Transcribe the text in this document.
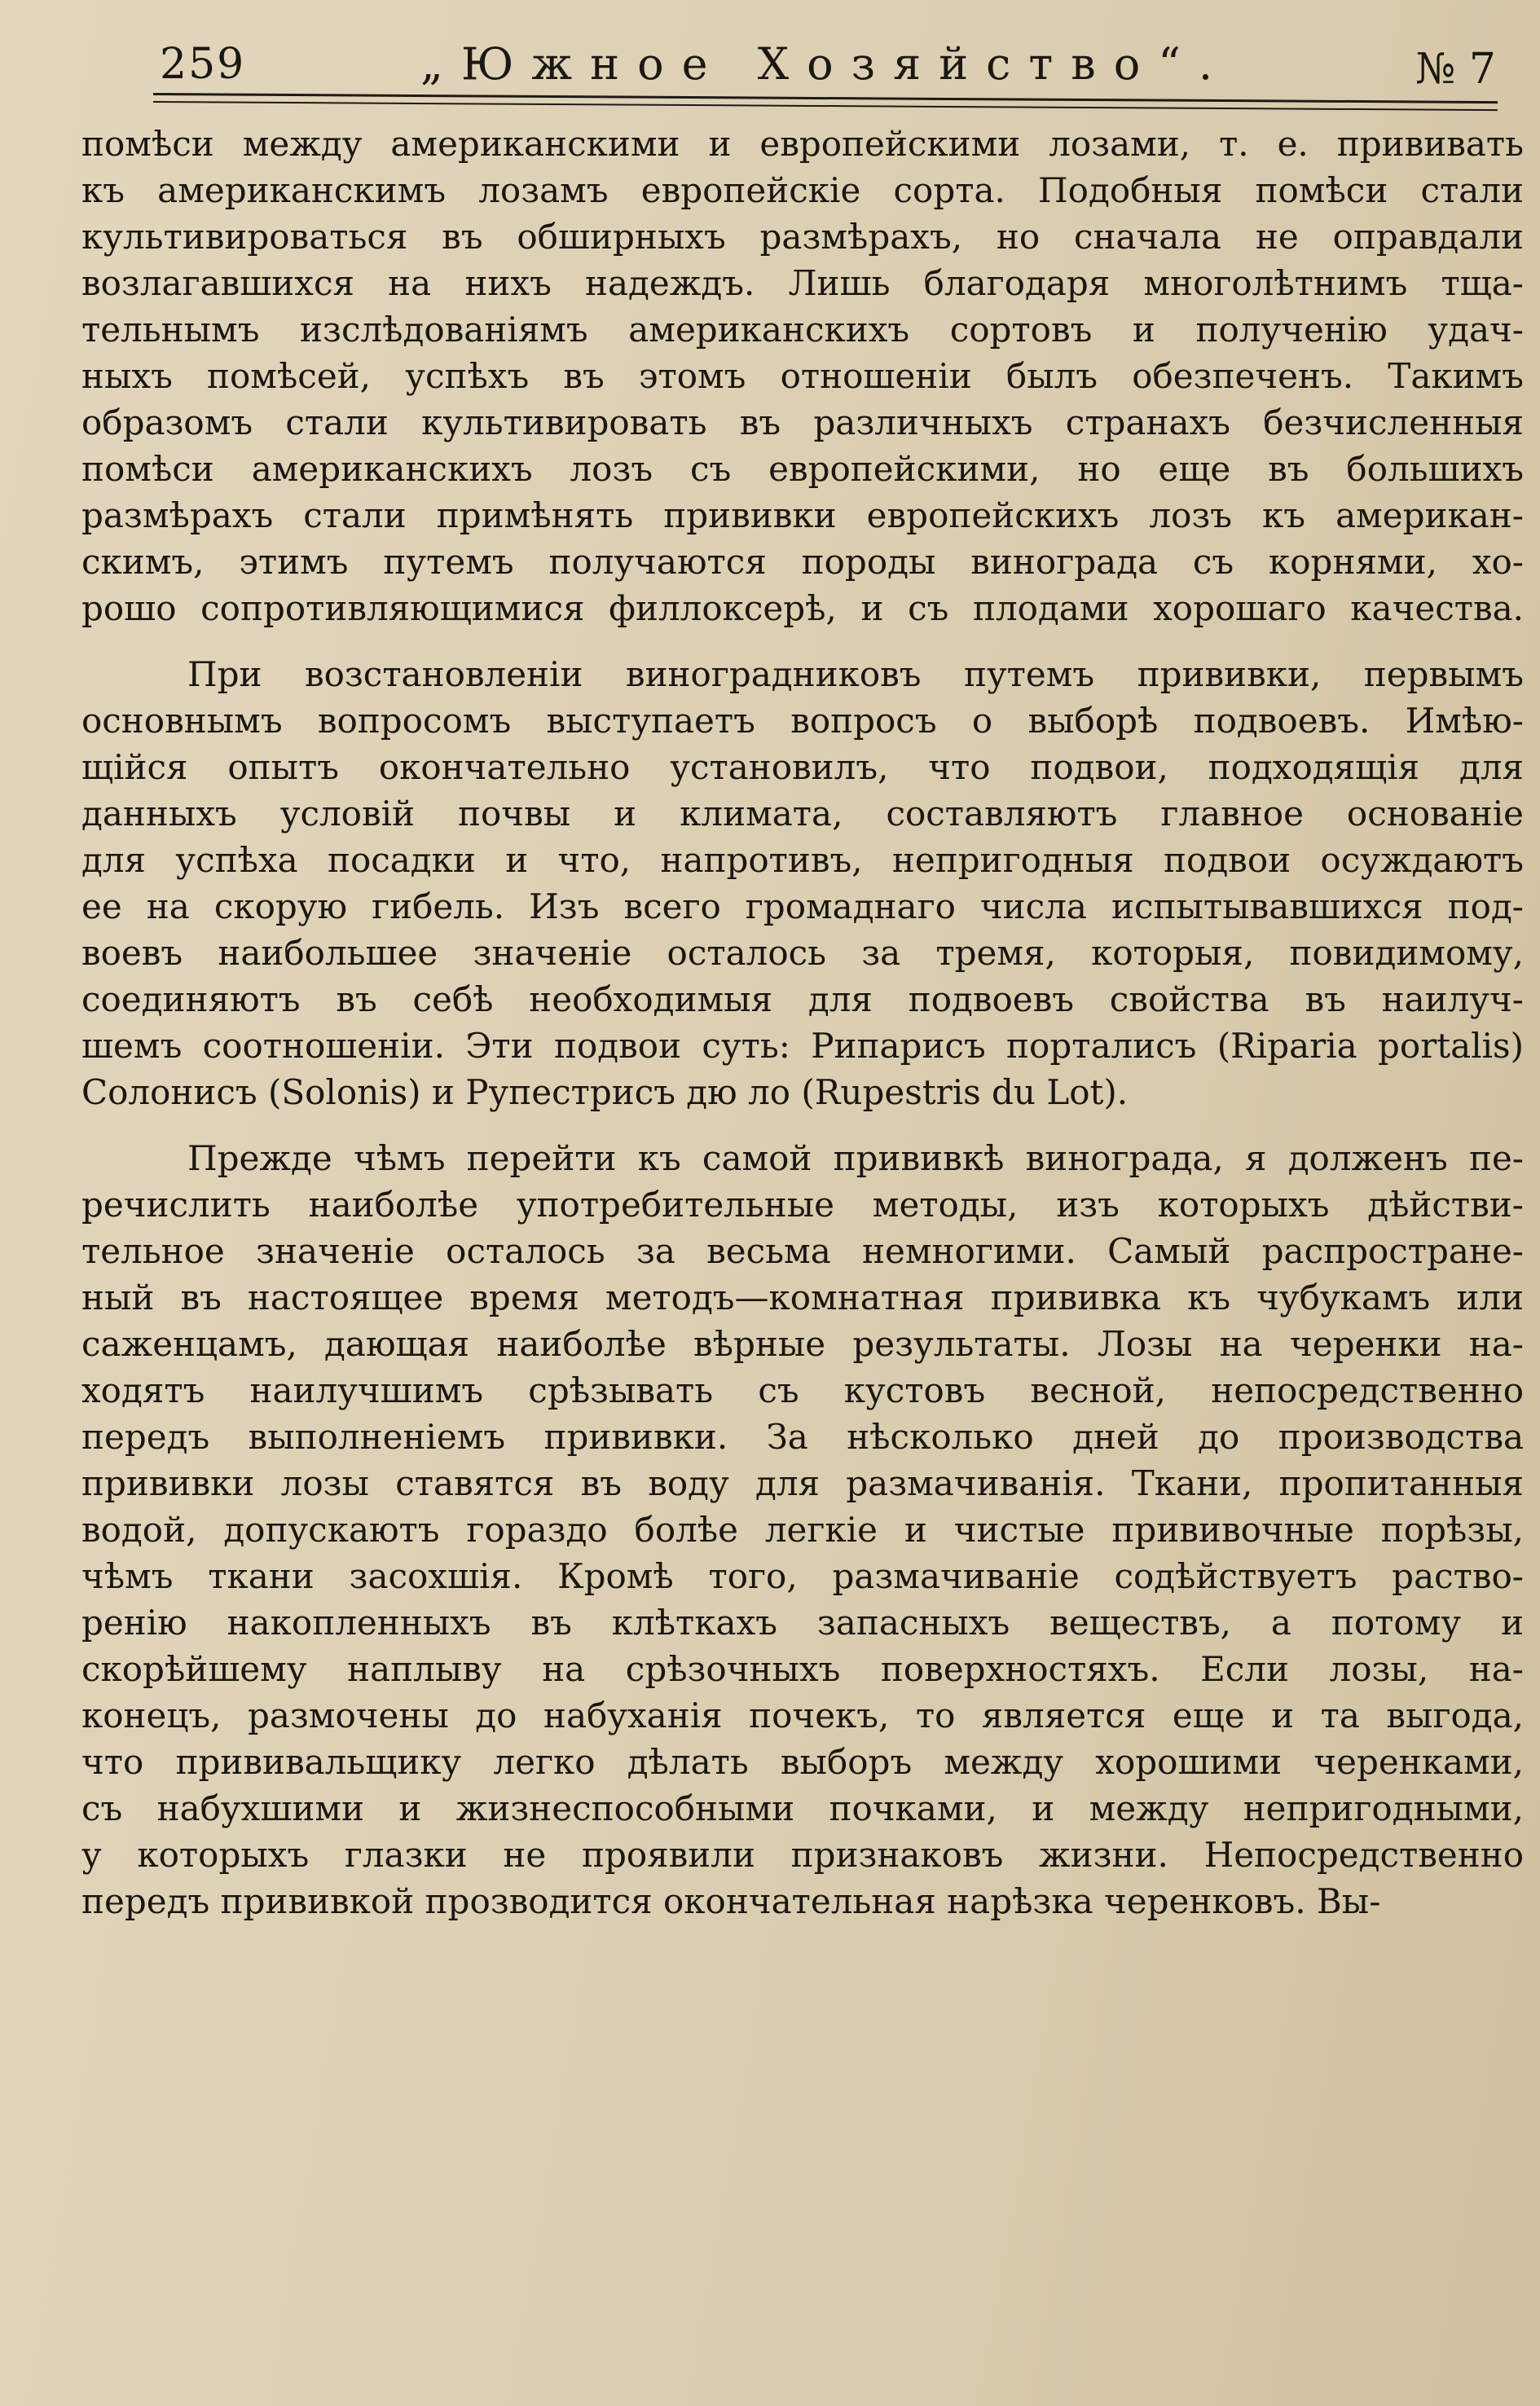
259	„Южное Хозяйство“.	№ 7
помѣси между американскими и европейскими лозами, т. е. прививать
къ американскимъ лозамъ европейскіе сорта. Подобныя помѣси стали
культивироваться въ обширныхъ размѣрахъ, но сначала не оправдали
возлагавшихся на нихъ надеждъ. Лишь благодаря многолѣтнимъ тща-
тельнымъ изслѣдованіямъ американскихъ сортовъ и полученію удач-
ныхъ помѣсей, успѣхъ въ этомъ отношеніи былъ обезпеченъ. Такимъ
образомъ стали культивировать въ различныхъ странахъ безчисленныя
помѣси американскихъ лозъ съ европейскими, но еще въ большихъ
размѣрахъ стали примѣнять прививки европейскихъ лозъ къ американ-
скимъ, этимъ путемъ получаются породы винограда съ корнями, хо-
рошо сопротивляющимися филлоксерѣ, и съ плодами хорошаго качества.
При возстановленіи виноградниковъ путемъ прививки, первымъ
основнымъ вопросомъ выступаетъ вопросъ о выборѣ подвоевъ. Имѣю-
щійся опытъ окончательно установилъ, что подвои, подходящія для
данныхъ условій почвы и климата, составляютъ главное основаніе
для успѣха посадки и что, напротивъ, непригодныя подвои осуждаютъ
ее на скорую гибель. Изъ всего громаднаго числа испытывавшихся под-
воевъ наибольшее значеніе осталось за тремя, которыя, повидимому,
соединяютъ въ себѣ необходимыя для подвоевъ свойства въ наилуч-
шемъ соотношеніи. Эти подвои суть: Рипарисъ порталисъ (Riparia portalis)
Солонисъ (Solonis) и Рупестрисъ дю ло (Rupestris du Lot).
Прежде чѣмъ перейти къ самой прививкѣ винограда, я долженъ пе-
речислить наиболѣе употребительные методы, изъ которыхъ дѣйстви-
тельное значеніе осталось за весьма немногими. Самый распростране-
ный въ настоящее время методъ—комнатная прививка къ чубукамъ или
саженцамъ, дающая наиболѣе вѣрные результаты. Лозы на черенки на-
ходятъ наилучшимъ срѣзывать съ кустовъ весной, непосредственно
передъ выполненіемъ прививки. За нѣсколько дней до производства
прививки лозы ставятся въ воду для размачиванія. Ткани, пропитанныя
водой, допускаютъ гораздо болѣе легкіе и чистые прививочные порѣзы,
чѣмъ ткани засохшія. Кромѣ того, размачиваніе содѣйствуетъ раство-
ренію накопленныхъ въ клѣткахъ запасныхъ веществъ, а потому и
скорѣйшему наплыву на срѣзочныхъ поверхностяхъ. Если лозы, на-
конецъ, размочены до набуханія почекъ, то является еще и та выгода,
что прививальщику легко дѣлать выборъ между хорошими черенками,
съ набухшими и жизнеспособными почками, и между непригодными,
у которыхъ глазки не проявили признаковъ жизни. Непосредственно
передъ прививкой прозводится окончательная нарѣзка черенковъ. Вы-
